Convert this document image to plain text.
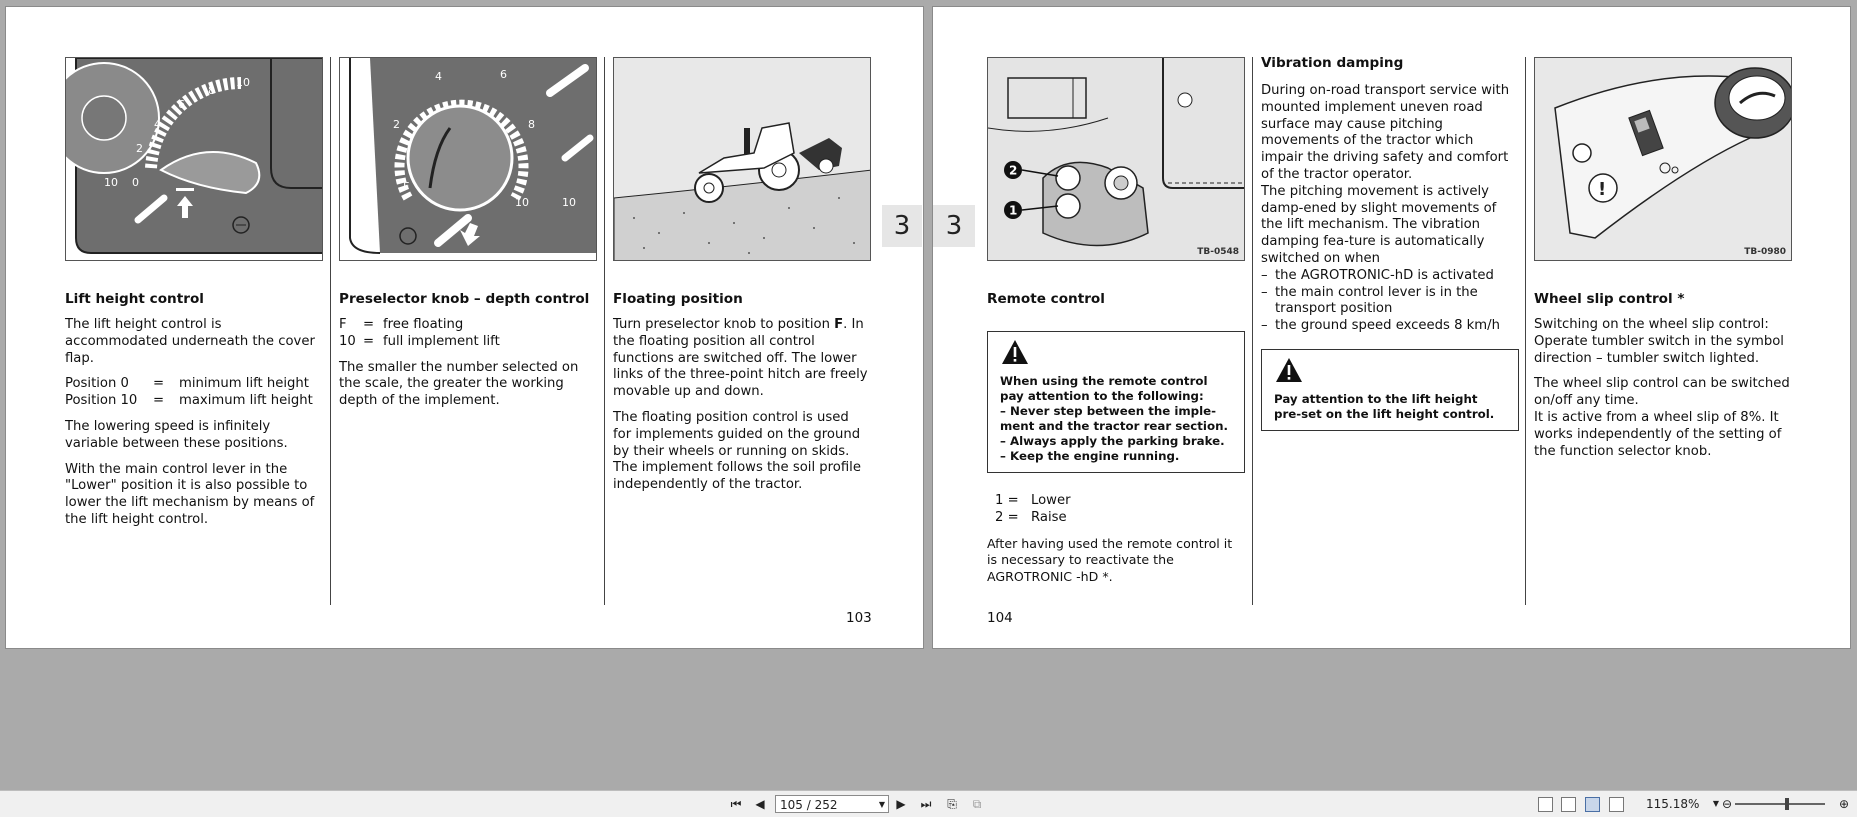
10
8
6
4
2
0
10
Lift height control

The lift height control is accommodated underneath the cover flap.

Position 0	=	minimum lift height
Position 10	=	maximum lift height

The lowering speed is infinitely variable between these positions.

With the main control lever in the "Lower" position it is also possible to lower the lift mechanism by means of the lift height control.

4	6
2	8
F
10	10
Preselector knob – depth control
F	= free floating
10 = full implement lift

The smaller the number selected on the scale, the greater the working depth of the implement.

Floating position

Turn preselector knob to position F. In the floating position all control functions are switched off. The lower links of the three-point hitch are freely movable up and down.

The floating position control is used for implements guided on the ground by their wheels or running on skids. The implement follows the soil profile independently of the tractor.

103
3	3
2
1
TB-0548
Remote control
When using the remote control pay attention to the following:
– Never step between the imple-ment and the tractor rear section.
– Always apply the parking brake.
– Keep the engine running.
1 = Lower
2 = Raise

After having used the remote control it is necessary to reactivate the AGROTRONIC -hD *.

Vibration damping

During on-road transport service with mounted implement uneven road surface may cause pitching movements of the tractor which impair the driving safety and comfort of the tractor operator.

The pitching movement is actively damp-ened by slight movements of the lift mechanism. The vibration damping fea-ture is automatically switched on when

– the AGROTRONIC-hD is activated
– the main control lever is in the transport position
– the ground speed exceeds 8 km/h
Pay attention to the lift height pre-set on the lift height control.
!
TB-0980
Wheel slip control *

Switching on the wheel slip control: Operate tumbler switch in the symbol direction – tumbler switch lighted.

The wheel slip control can be switched on/off any time.

It is active from a wheel slip of 8%. It works independently of the setting of the function selector knob.

104
⏮ ◀	105 / 252	▼ ▶ ⏭ ⎘	⧉	115.18%	▼ ⊖	⊕
